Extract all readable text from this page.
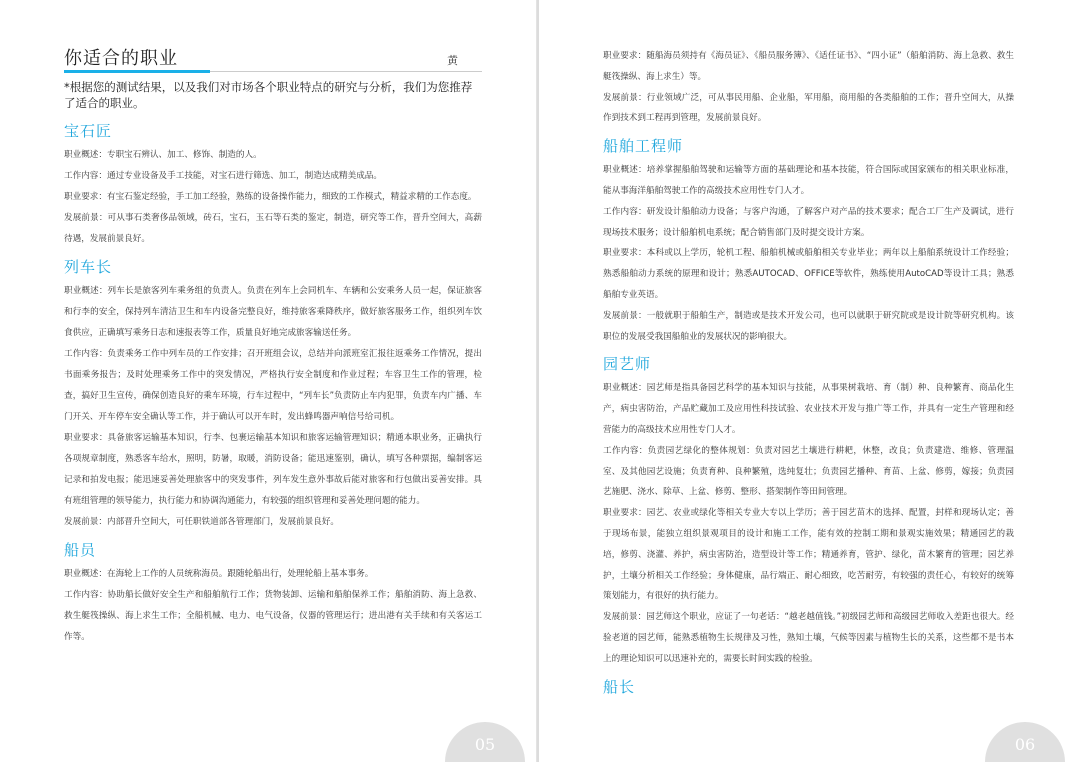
你适合的职业	黄
*根据您的测试结果，以及我们对市场各个职业特点的研究与分析，我们为您推荐了适合的职业。
宝石匠

职业概述：专职宝石辨认、加工、修饰、制造的人。

工作内容：通过专业设备及手工技能，对宝石进行筛选、加工，制造达成精美成品。

职业要求：有宝石鉴定经验，手工加工经验，熟练的设备操作能力，细致的工作模式，精益求精的工作态度。

发展前景：可从事石类奢侈品领域，砖石，宝石，玉石等石类的鉴定，制造，研究等工作，晋升空间大，高薪待遇，发展前景良好。

列车长

职业概述：列车长是旅客列车乘务组的负责人。负责在列车上会同机车、车辆和公安乘务人员一起，保证旅客和行李的安全，保持列车清洁卫生和车内设备完整良好，维持旅客乘降秩序，做好旅客服务工作，组织列车饮食供应，正确填写乘务日志和速报表等工作，质量良好地完成旅客输送任务。

工作内容：负责乘务工作中列车员的工作安排；召开班组会议，总结并向派班室汇报往返乘务工作情况，提出书面乘务报告；及时处理乘务工作中的突发情况，严格执行安全制度和作业过程；车容卫生工作的管理，检查，搞好卫生宣传，确保创造良好的乘车环境，行车过程中，“列车长”负责防止车内犯罪，负责车内广播、车门开关、开车停车安全确认等工作，并于确认可以开车时，发出蜂鸣器声响信号给司机。

职业要求：具备旅客运输基本知识，行李、包裹运输基本知识和旅客运输管理知识；精通本职业务，正确执行各项规章制度，熟悉客车给水，照明，防暑，取暖，消防设备；能迅速鉴别，确认，填写各种票据，编制客运记录和拍发电报；能迅速妥善处理旅客中的突发事件，列车发生意外事故后能对旅客和行包做出妥善安排。具有班组管理的领导能力，执行能力和协调沟通能力，有较强的组织管理和妥善处理问题的能力。

发展前景：内部晋升空间大，可任职铁道部各管理部门，发展前景良好。

船员

职业概述：在海轮上工作的人员统称海员。跟随轮船出行，处理轮船上基本事务。

工作内容：协助船长做好安全生产和船舶航行工作；货物装卸、运输和船舶保养工作；船舶消防、海上急救、救生艇筏操纵、海上求生工作；全船机械、电力、电气设备，仪器的管理运行；进出港有关手续和有关客运工作等。

05

职业要求：随船海员须持有《海员证》、《船员服务簿》、《适任证书》、“四小证”（船舶消防、海上急救、救生艇筏操纵、海上求生）等。

发展前景：行业领域广泛，可从事民用船、企业船，军用船，商用船的各类船舶的工作；晋升空间大，从操作到技术到工程再到管理，发展前景良好。

船舶工程师

职业概述：培养掌握船舶驾驶和运输等方面的基础理论和基本技能，符合国际或国家颁布的相关职业标准，能从事海洋船舶驾驶工作的高级技术应用性专门人才。

工作内容：研发设计船舶动力设备；与客户沟通，了解客户对产品的技术要求；配合工厂生产及调试，进行现场技术服务；设计船舶机电系统；配合销售部门及时提交设计方案。

职业要求：本科或以上学历，轮机工程、船舶机械或船舶相关专业毕业；两年以上船舶系统设计工作经验；熟悉船舶动力系统的原理和设计；熟悉AUTOCAD、OFFICE等软件，熟练使用AutoCAD等设计工具；熟悉船舶专业英语。

发展前景：一般就职于船舶生产，制造或是技术开发公司，也可以就职于研究院或是设计院等研究机构。该职位的发展受我国船舶业的发展状况的影响很大。

园艺师

职业概述：园艺师是指具备园艺科学的基本知识与技能，从事果树栽培、育（制）种、良种繁育、商品化生产，病虫害防治，产品贮藏加工及应用性科技试验、农业技术开发与推广等工作，并具有一定生产管理和经营能力的高级技术应用性专门人才。

工作内容：负责园艺绿化的整体规划：负责对园艺土壤进行耕耙，休整，改良；负责建造、维修、管理温室、及其他园艺设施；负责育种、良种繁殖，选纯复壮；负责园艺播种、育苗、上盆、修剪，嫁接；负责园艺施肥、浇水、除草、上盆、修剪、整形、搭架制作等田间管理。

职业要求：园艺、农业或绿化等相关专业大专以上学历；善于园艺苗木的选择、配置，封样和现场认定；善于现场布景，能独立组织景观项目的设计和施工工作，能有效的控制工期和景观实施效果；精通园艺的栽培，修剪、浇灌、养护，病虫害防治，造型设计等工作；精通养育，管护、绿化，苗木繁育的管理；园艺养护，土壤分析相关工作经验；身体健康，品行端正、耐心细致，吃苦耐劳，有较强的责任心，有较好的统筹策划能力，有很好的执行能力。

发展前景：园艺师这个职业，应证了一句老话：“越老越值钱。”初级园艺师和高级园艺师收入差距也很大。经验老道的园艺师，能熟悉植物生长规律及习性，熟知土壤，气候等因素与植物生长的关系，这些都不是书本上的理论知识可以迅速补充的，需要长时间实践的检验。

船长
06
